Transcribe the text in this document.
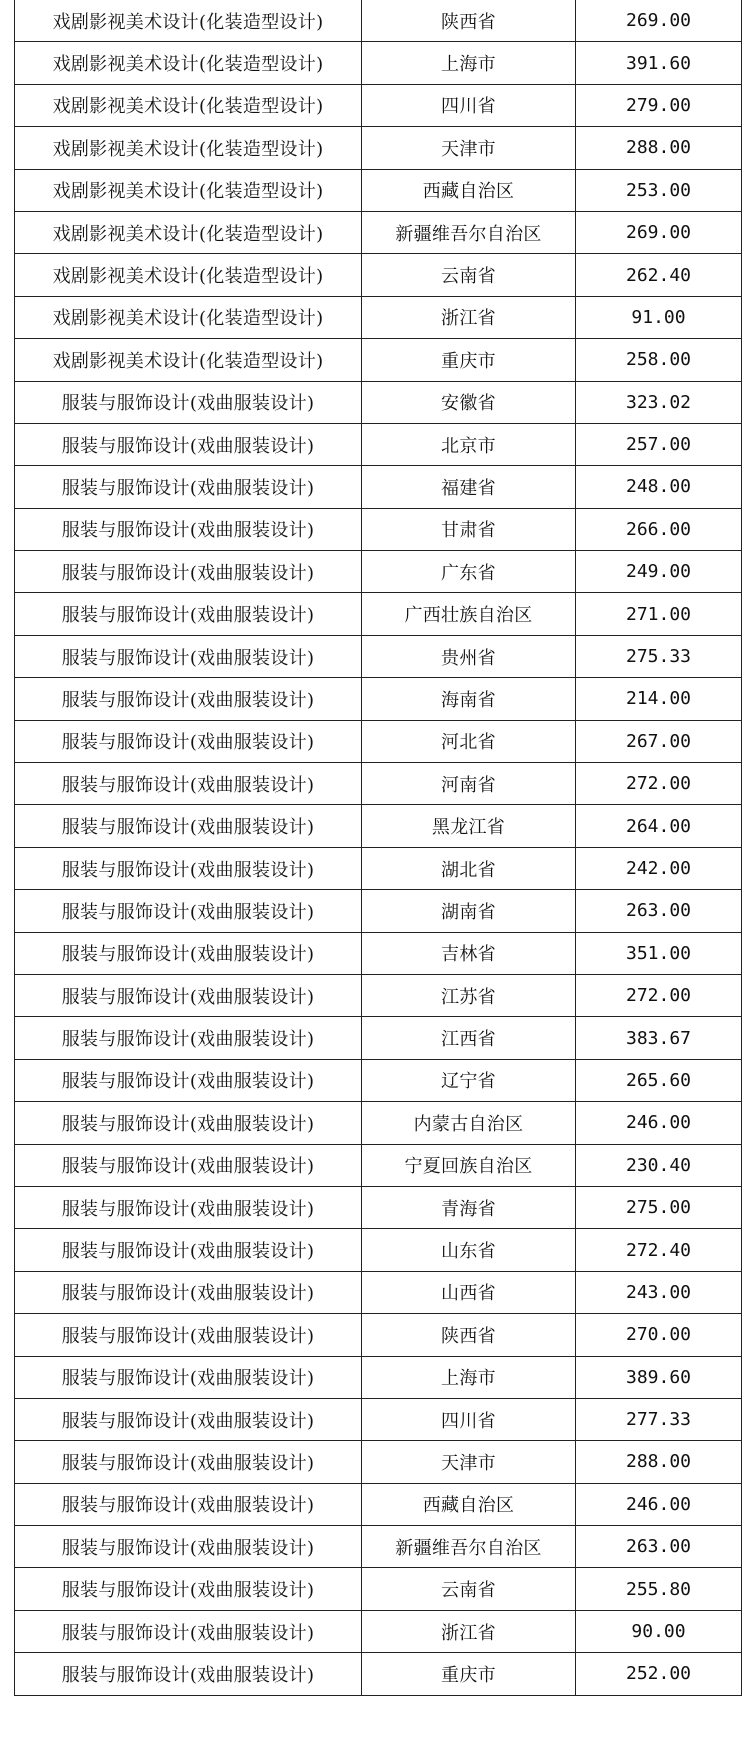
戏剧影视美术设计(化装造型设计)	陕西省	269.00
戏剧影视美术设计(化装造型设计)	上海市	391.60
戏剧影视美术设计(化装造型设计)	四川省	279.00
戏剧影视美术设计(化装造型设计)	天津市	288.00
戏剧影视美术设计(化装造型设计)	西藏自治区	253.00
戏剧影视美术设计(化装造型设计)	新疆维吾尔自治区	269.00
戏剧影视美术设计(化装造型设计)	云南省	262.40
戏剧影视美术设计(化装造型设计)	浙江省	91.00
戏剧影视美术设计(化装造型设计)	重庆市	258.00
服装与服饰设计(戏曲服装设计)	安徽省	323.02
服装与服饰设计(戏曲服装设计)	北京市	257.00
服装与服饰设计(戏曲服装设计)	福建省	248.00
服装与服饰设计(戏曲服装设计)	甘肃省	266.00
服装与服饰设计(戏曲服装设计)	广东省	249.00
服装与服饰设计(戏曲服装设计)	广西壮族自治区	271.00
服装与服饰设计(戏曲服装设计)	贵州省	275.33
服装与服饰设计(戏曲服装设计)	海南省	214.00
服装与服饰设计(戏曲服装设计)	河北省	267.00
服装与服饰设计(戏曲服装设计)	河南省	272.00
服装与服饰设计(戏曲服装设计)	黑龙江省	264.00
服装与服饰设计(戏曲服装设计)	湖北省	242.00
服装与服饰设计(戏曲服装设计)	湖南省	263.00
服装与服饰设计(戏曲服装设计)	吉林省	351.00
服装与服饰设计(戏曲服装设计)	江苏省	272.00
服装与服饰设计(戏曲服装设计)	江西省	383.67
服装与服饰设计(戏曲服装设计)	辽宁省	265.60
服装与服饰设计(戏曲服装设计)	内蒙古自治区	246.00
服装与服饰设计(戏曲服装设计)	宁夏回族自治区	230.40
服装与服饰设计(戏曲服装设计)	青海省	275.00
服装与服饰设计(戏曲服装设计)	山东省	272.40
服装与服饰设计(戏曲服装设计)	山西省	243.00
服装与服饰设计(戏曲服装设计)	陕西省	270.00
服装与服饰设计(戏曲服装设计)	上海市	389.60
服装与服饰设计(戏曲服装设计)	四川省	277.33
服装与服饰设计(戏曲服装设计)	天津市	288.00
服装与服饰设计(戏曲服装设计)	西藏自治区	246.00
服装与服饰设计(戏曲服装设计)	新疆维吾尔自治区	263.00
服装与服饰设计(戏曲服装设计)	云南省	255.80
服装与服饰设计(戏曲服装设计)	浙江省	90.00
服装与服饰设计(戏曲服装设计)	重庆市	252.00
